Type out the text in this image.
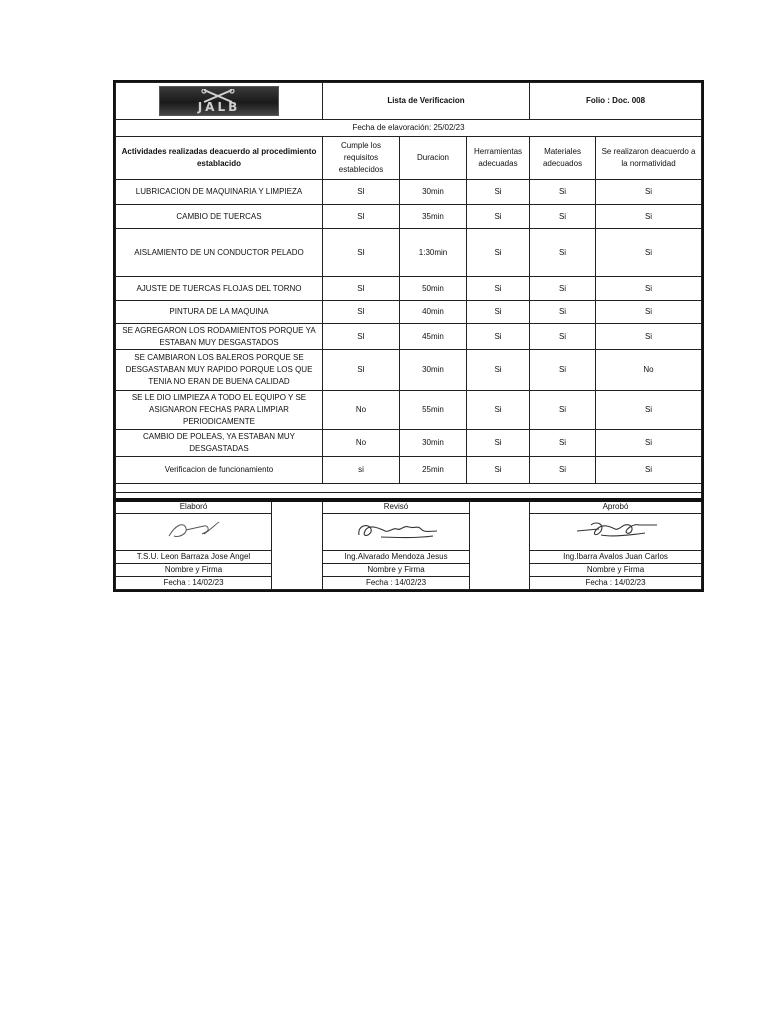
JALB	Lista de Verificacion			Folio : Doc. 008	
Fecha de elavoración: 25/02/23					
Actividades realizadas deacuerdo al procedimiento establacido	Cumple los requisitos establecidos	Duracion	Herramientas adecuadas	Materiales adecuados	Se realizaron deacuerdo a la normatividad
LUBRICACION DE MAQUINARIA Y LIMPIEZA	SI	30min	Si	Si	Si
CAMBIO DE TUERCAS	SI	35min	Si	Si	Si
AISLAMIENTO DE UN CONDUCTOR PELADO	SI	1:30min	Si	Si	Si
AJUSTE DE TUERCAS FLOJAS DEL TORNO	SI	50min	Si	Si	Si
PINTURA DE LA MAQUINA	SI	40min	Si	Si	Si
SE AGREGARON LOS RODAMIENTOS PORQUE YA ESTABAN MUY DESGASTADOS	SI	45min	Si	Si	Si
SE CAMBIARON LOS BALEROS PORQUE SE DESGASTABAN MUY RAPIDO PORQUE LOS QUE TENIA NO ERAN DE BUENA CALIDAD	SI	30min	Si	Si	No
SE LE DIO LIMPIEZA A TODO EL EQUIPO Y SE ASIGNARON FECHAS PARA LIMPIAR PERIODICAMENTE	No	55min	Si	Si	Si
CAMBIO DE POLEAS, YA ESTABAN MUY DESGASTADAS	No	30min	Si	Si	Si
Verificacion de funcionamiento	si	25min	Si	Si	Si

Elaboró		Revisó		Aprobó

T.S.U. Leon Barraza Jose Angel		Ing.Alvarado Mendoza Jesus		Ing.Ibarra Avalos Juan Carlos
Nombre y Firma		Nombre y Firma		Nombre y Firma
Fecha : 14/02/23		Fecha : 14/02/23		Fecha : 14/02/23
